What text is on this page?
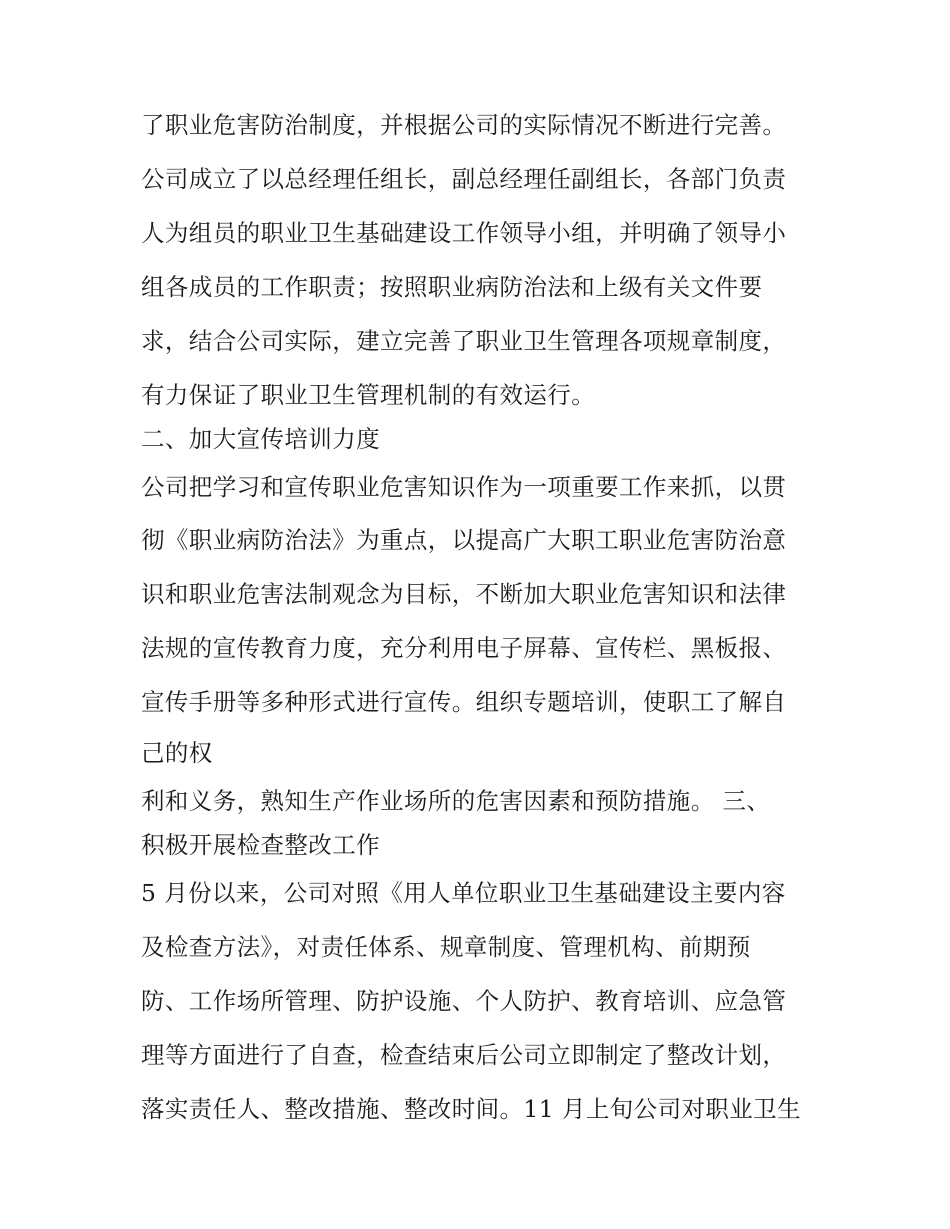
了职业危害防治制度，并根据公司的实际情况不断进行完善。
公司成立了以总经理任组长，副总经理任副组长，各部门负责
人为组员的职业卫生基础建设工作领导小组，并明确了领导小
组各成员的工作职责；按照职业病防治法和上级有关文件要
求，结合公司实际，建立完善了职业卫生管理各项规章制度，
有力保证了职业卫生管理机制的有效运行。
二、加大宣传培训力度
公司把学习和宣传职业危害知识作为一项重要工作来抓，以贯
彻《职业病防治法》为重点，以提高广大职工职业危害防治意
识和职业危害法制观念为目标，不断加大职业危害知识和法律
法规的宣传教育力度，充分利用电子屏幕、宣传栏、黑板报、
宣传手册等多种形式进行宣传。组织专题培训，使职工了解自
己的权
利和义务，熟知生产作业场所的危害因素和预防措施。 三、
积极开展检查整改工作
5 月份以来，公司对照《用人单位职业卫生基础建设主要内容
及检查方法》，对责任体系、规章制度、管理机构、前期预
防、工作场所管理、防护设施、个人防护、教育培训、应急管
理等方面进行了自查，检查结束后公司立即制定了整改计划，
落实责任人、整改措施、整改时间。11 月上旬公司对职业卫生
